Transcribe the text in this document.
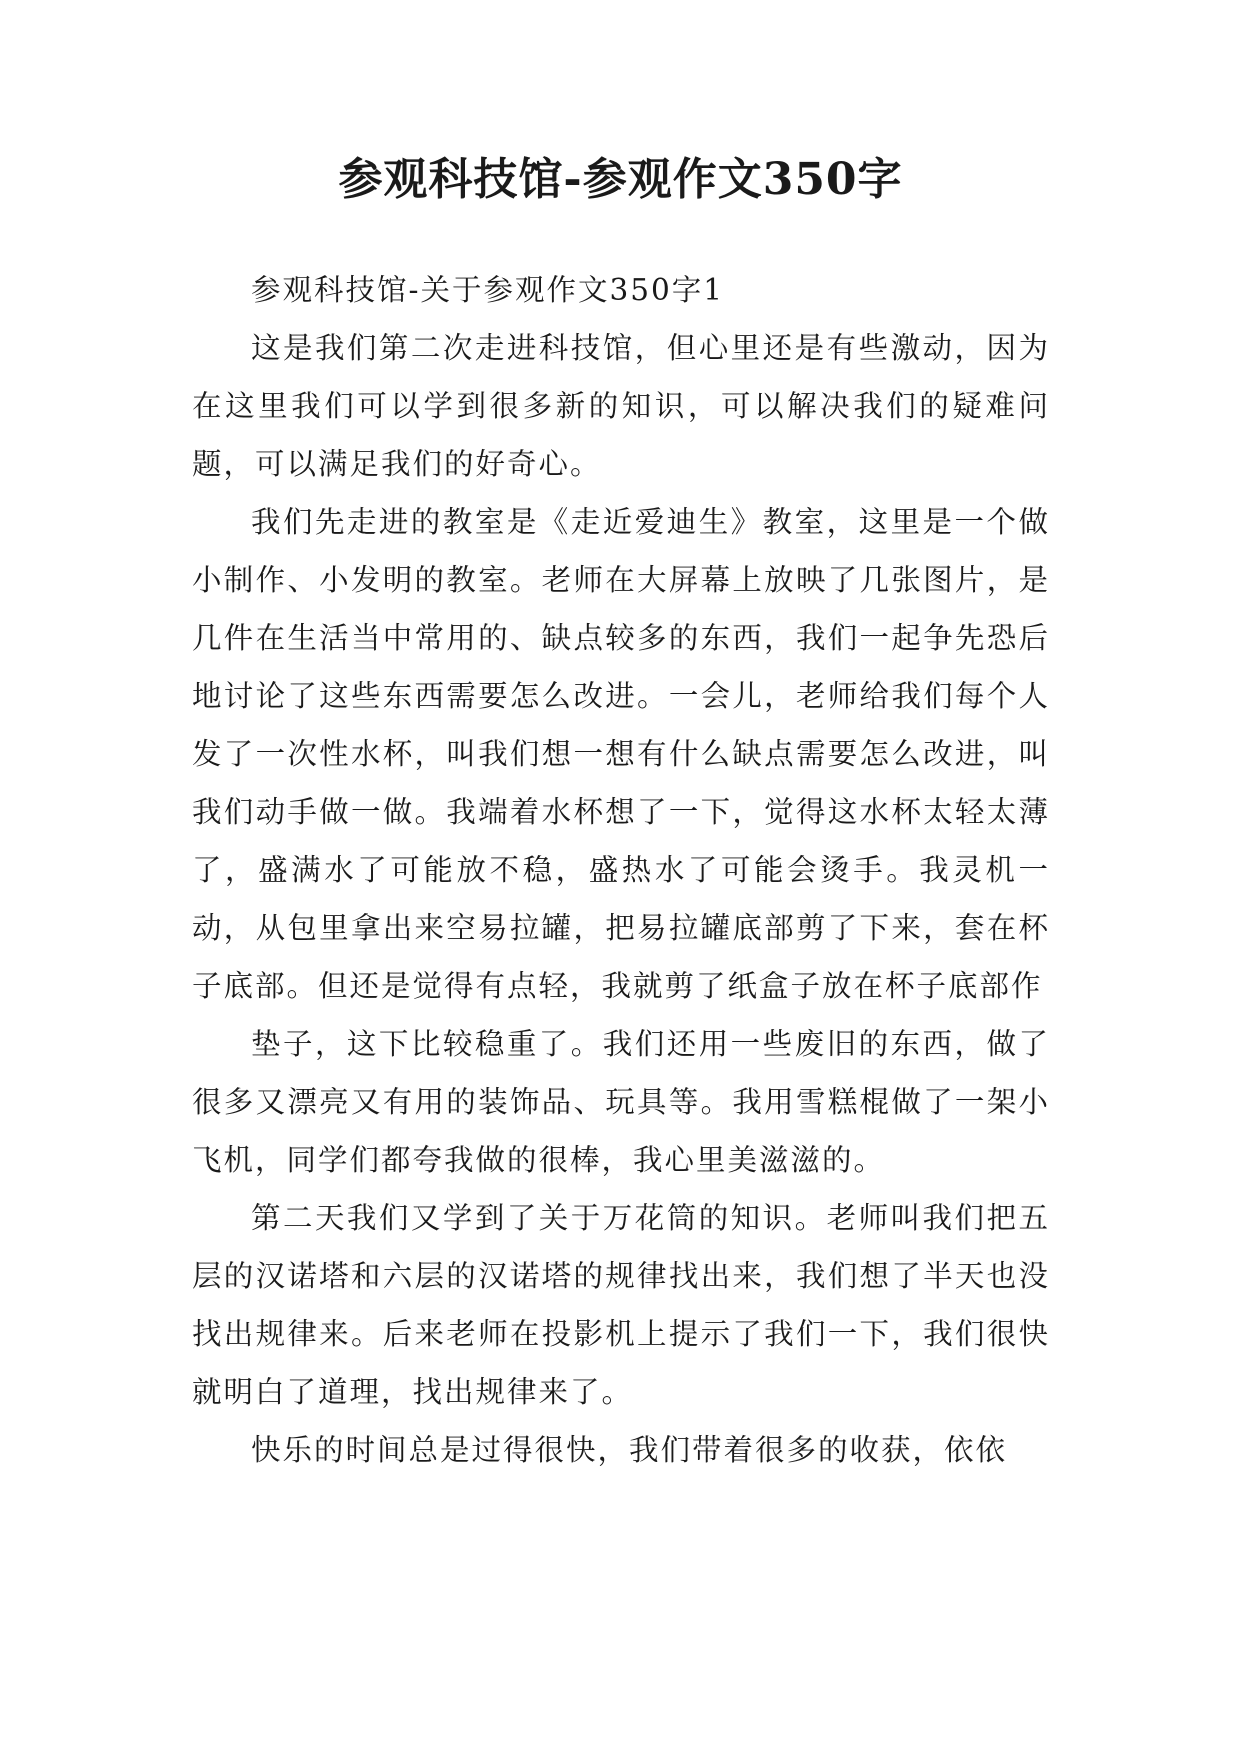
参观科技馆-参观作文350字

参观科技馆-关于参观作文350字1

这是我们第二次走进科技馆，但心里还是有些激动，因为在这里我们可以学到很多新的知识，可以解决我们的疑难问题，可以满足我们的好奇心。

我们先走进的教室是《走近爱迪生》教室，这里是一个做小制作、小发明的教室。老师在大屏幕上放映了几张图片，是几件在生活当中常用的、缺点较多的东西，我们一起争先恐后地讨论了这些东西需要怎么改进。一会儿，老师给我们每个人发了一次性水杯，叫我们想一想有什么缺点需要怎么改进，叫我们动手做一做。我端着水杯想了一下，觉得这水杯太轻太薄了，盛满水了可能放不稳，盛热水了可能会烫手。我灵机一动，从包里拿出来空易拉罐，把易拉罐底部剪了下来，套在杯子底部。但还是觉得有点轻，我就剪了纸盒子放在杯子底部作

垫子，这下比较稳重了。我们还用一些废旧的东西，做了很多又漂亮又有用的装饰品、玩具等。我用雪糕棍做了一架小飞机，同学们都夸我做的很棒，我心里美滋滋的。

第二天我们又学到了关于万花筒的知识。老师叫我们把五层的汉诺塔和六层的汉诺塔的规律找出来，我们想了半天也没找出规律来。后来老师在投影机上提示了我们一下，我们很快就明白了道理，找出规律来了。

快乐的时间总是过得很快，我们带着很多的收获，依依
